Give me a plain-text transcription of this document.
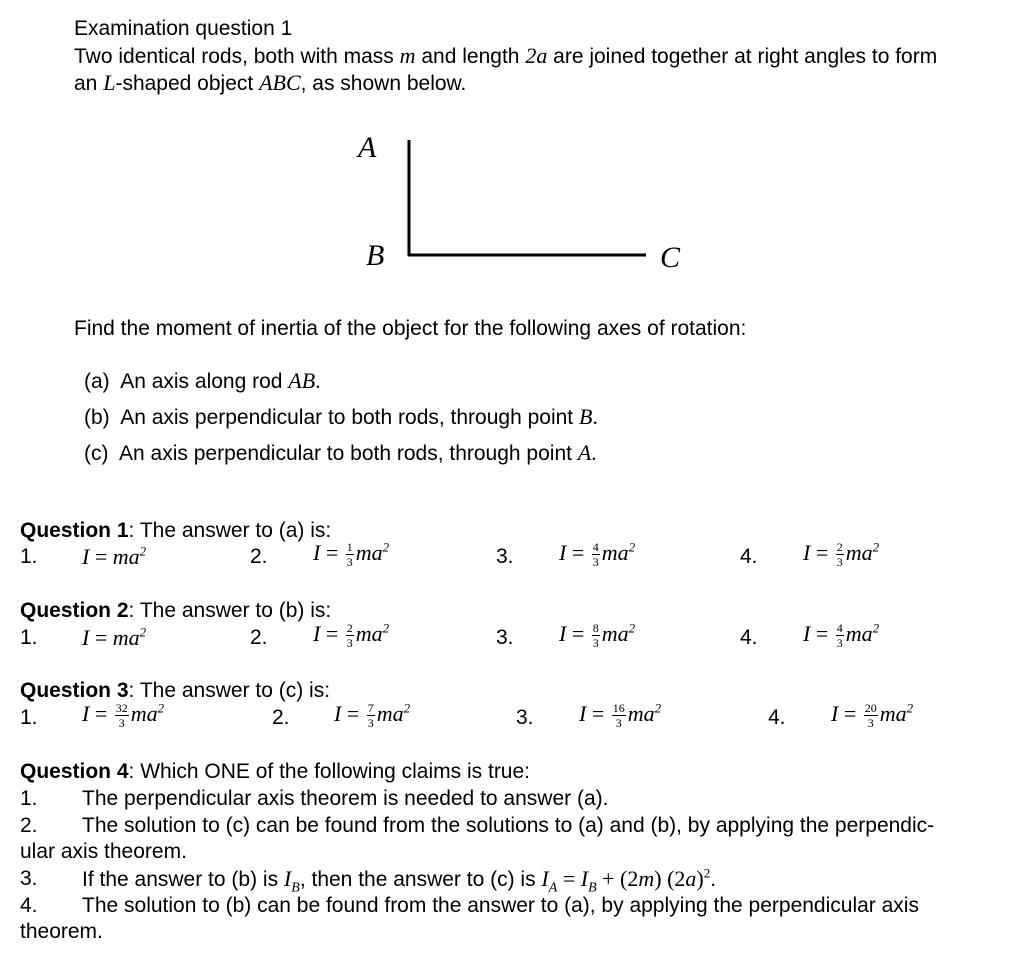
Examination question 1
Two identical rods, both with mass m and length 2a are joined together at right angles to form
an L-shaped object ABC, as shown below.
A
B	C
Find the moment of inertia of the object for the following axes of rotation:
(a) An axis along rod AB.
(b) An axis perpendicular to both rods, through point B.
(c) An axis perpendicular to both rods, through point A.
Question 1: The answer to (a) is:
1. $I = ma^2$	2. $I = \frac{1}{3} ma^2$	3. $I = \frac{4}{3} ma^2$	4. $I = \frac{2}{3} ma^2$
Question 2: The answer to (b) is:
1. $I = ma^2$	2. $I = \frac{2}{3} ma^2$	3. $I = \frac{8}{3} ma^2$	4. $I = \frac{4}{3} ma^2$
Question 3: The answer to (c) is:
1. $I = \frac{32}{3} ma^2$	2. $I = \frac{7}{3} ma^2$	3. $I = \frac{16}{3} ma^2$	4. $I = \frac{20}{3} ma^2$
Question 4: Which ONE of the following claims is true:
1. The perpendicular axis theorem is needed to answer (a).
2. The solution to (c) can be found from the solutions to (a) and (b), by applying the perpendic-
ular axis theorem.
3. If the answer to (b) is $I_B$, then the answer to (c) is $I_A = I_B + (2m)$ $(2a)^2$.
4. The solution to (b) can be found from the answer to (a), by applying the perpendicular axis
theorem.
